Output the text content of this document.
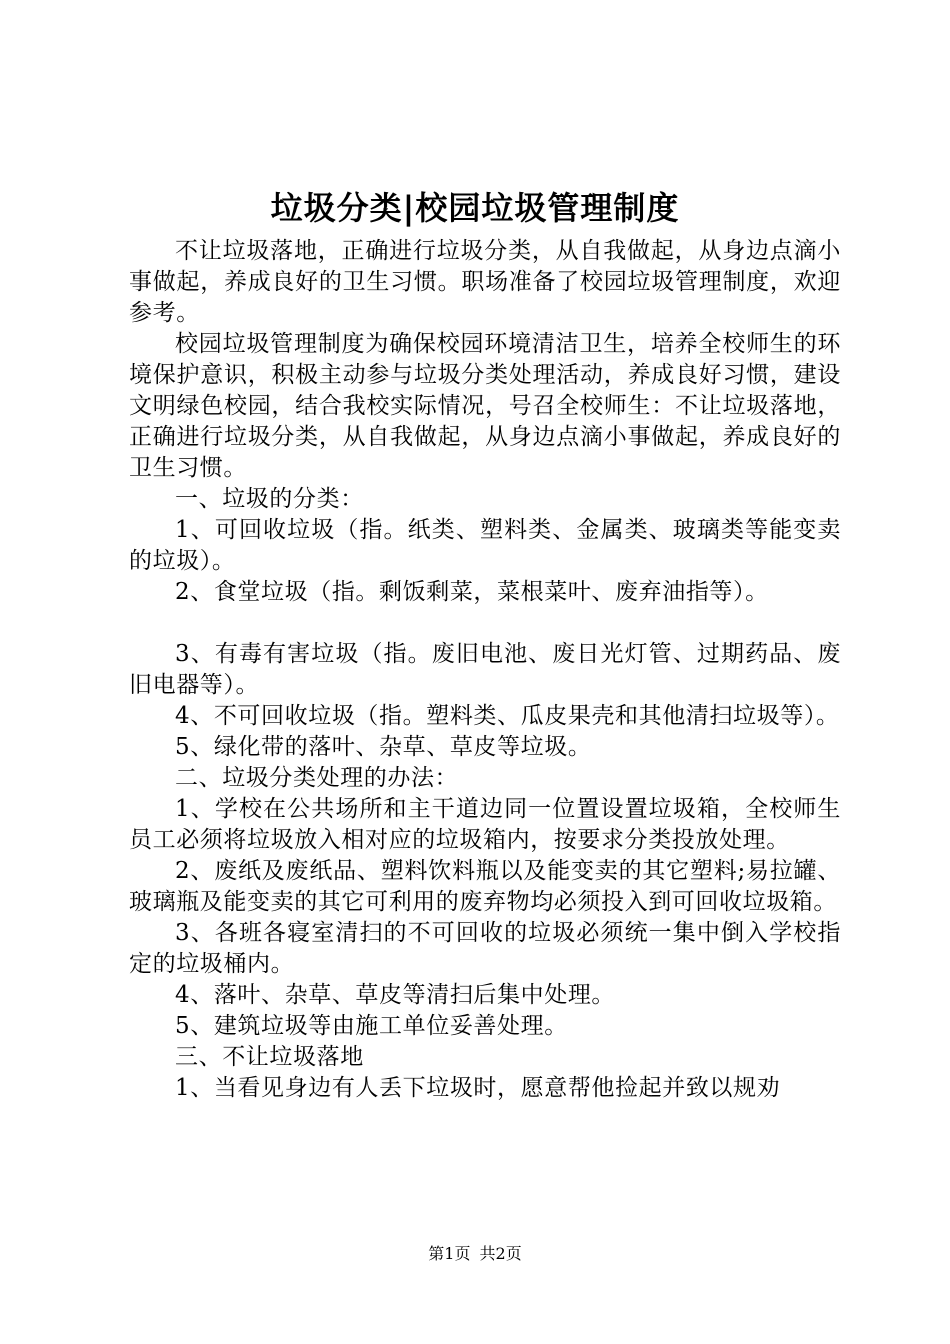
垃圾分类|校园垃圾管理制度

不让垃圾落地，正确进行垃圾分类，从自我做起，从身边点滴小事做起，养成良好的卫生习惯。职场准备了校园垃圾管理制度，欢迎参考。

校园垃圾管理制度为确保校园环境清洁卫生，培养全校师生的环境保护意识，积极主动参与垃圾分类处理活动，养成良好习惯，建设文明绿色校园，结合我校实际情况，号召全校师生：不让垃圾落地，正确进行垃圾分类，从自我做起，从身边点滴小事做起，养成良好的卫生习惯。

一、垃圾的分类：

1、可回收垃圾（指。纸类、塑料类、金属类、玻璃类等能变卖的垃圾）。

2、食堂垃圾（指。剩饭剩菜，菜根菜叶、废弃油指等）。

3、有毒有害垃圾（指。废旧电池、废日光灯管、过期药品、废旧电器等）。

4、不可回收垃圾（指。塑料类、瓜皮果壳和其他清扫垃圾等）。

5、绿化带的落叶、杂草、草皮等垃圾。

二、垃圾分类处理的办法：

1、学校在公共场所和主干道边同一位置设置垃圾箱，全校师生员工必须将垃圾放入相对应的垃圾箱内，按要求分类投放处理。

2、废纸及废纸品、塑料饮料瓶以及能变卖的其它塑料;易拉罐、玻璃瓶及能变卖的其它可利用的废弃物均必须投入到可回收垃圾箱。

3、各班各寝室清扫的不可回收的垃圾必须统一集中倒入学校指定的垃圾桶内。

4、落叶、杂草、草皮等清扫后集中处理。

5、建筑垃圾等由施工单位妥善处理。

三、不让垃圾落地

1、当看见身边有人丢下垃圾时，愿意帮他捡起并致以规劝

第1页 共2页
